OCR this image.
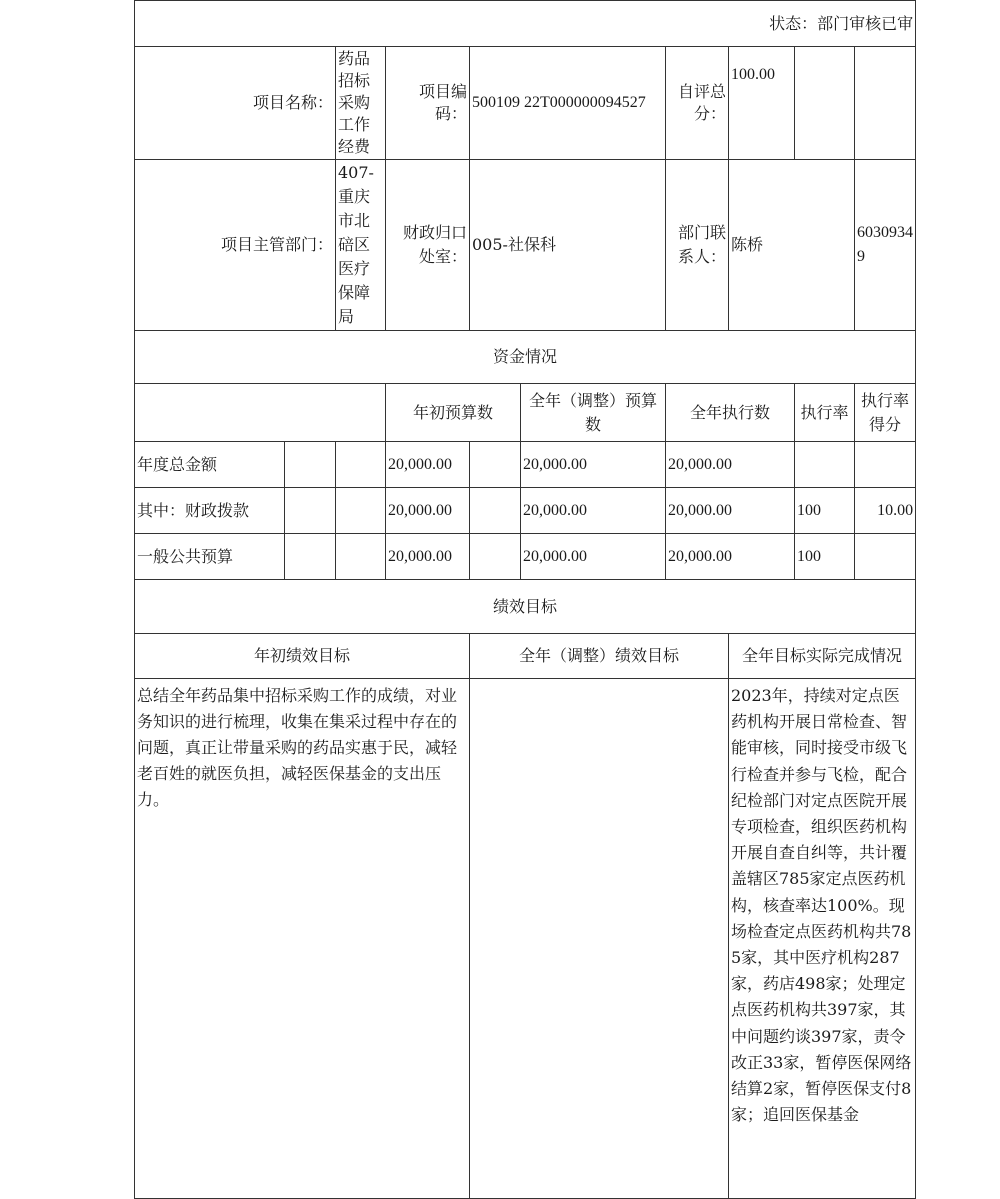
状态：部门审核已审									
项目名称：		药品招标采购工作经费	项目编码：	500109 22T000000094527		自评总分：	100.00		
项目主管部门：		407-重庆市北碚区医疗保障局	财政归口处室：	005-社保科		部门联系人：	陈桥		60309349
资金情况									
			年初预算数		全年（调整）预算数	全年执行数		执行率	执行率得分
年度总金额			20,000.00		20,000.00	20,000.00			
其中：财政拨款			20,000.00		20,000.00	20,000.00		100	10.00
一般公共预算			20,000.00		20,000.00	20,000.00		100	
绩效目标									
年初绩效目标				全年（调整）绩效目标			全年目标实际完成情况		
总结全年药品集中招标采购工作的成绩，对业务知识的进行梳理，收集在集采过程中存在的问题，真正让带量采购的药品实惠于民，减轻老百姓的就医负担，减轻医保基金的支出压力。							2023年，持续对定点医药机构开展日常检查、智能审核，同时接受市级飞行检查并参与飞检，配合纪检部门对定点医院开展专项检查，组织医药机构开展自查自纠等，共计覆盖辖区785家定点医药机构，核查率达100%。现场检查定点医药机构共785家，其中医疗机构287家，药店498家；处理定点医药机构共397家，其中问题约谈397家，责令改正33家，暂停医保网络结算2家，暂停医保支付8家；追回医保基金		
